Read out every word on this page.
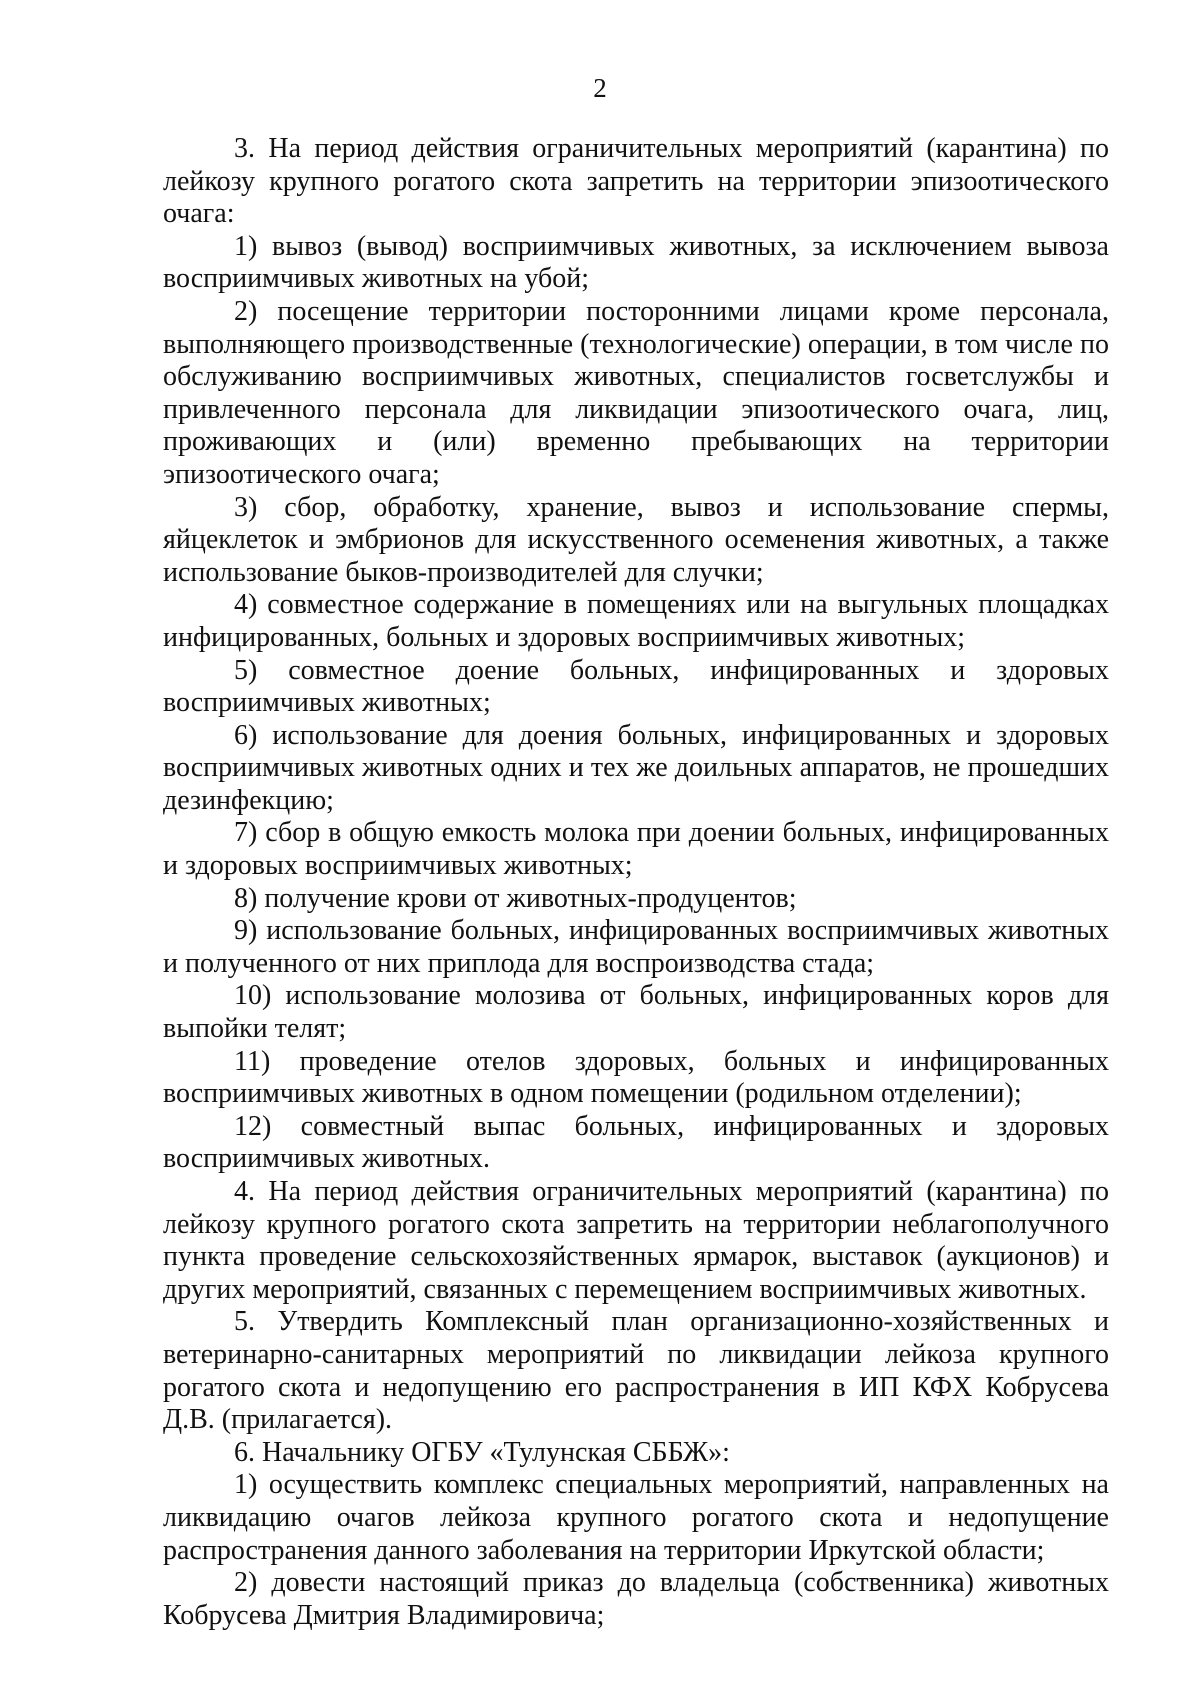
2

3. На период действия ограничительных мероприятий (карантина) по лейкозу крупного рогатого скота запретить на территории эпизоотического очага:

1) вывоз (вывод) восприимчивых животных, за исключением вывоза восприимчивых животных на убой;

2) посещение территории посторонними лицами кроме персонала, выполняющего производственные (технологические) операции, в том числе по обслуживанию восприимчивых животных, специалистов госветслужбы и привлеченного персонала для ликвидации эпизоотического очага, лиц, проживающих и (или) временно пребывающих на территории эпизоотического очага;

3) сбор, обработку, хранение, вывоз и использование спермы, яйцеклеток и эмбрионов для искусственного осеменения животных, а также использование быков-производителей для случки;

4) совместное содержание в помещениях или на выгульных площадках инфицированных, больных и здоровых восприимчивых животных;

5) совместное доение больных, инфицированных и здоровых восприимчивых животных;

6) использование для доения больных, инфицированных и здоровых восприимчивых животных одних и тех же доильных аппаратов, не прошедших дезинфекцию;

7) сбор в общую емкость молока при доении больных, инфицированных и здоровых восприимчивых животных;

8) получение крови от животных-продуцентов;

9) использование больных, инфицированных восприимчивых животных и полученного от них приплода для воспроизводства стада;

10) использование молозива от больных, инфицированных коров для выпойки телят;

11) проведение отелов здоровых, больных и инфицированных восприимчивых животных в одном помещении (родильном отделении);

12) совместный выпас больных, инфицированных и здоровых восприимчивых животных.

4. На период действия ограничительных мероприятий (карантина) по лейкозу крупного рогатого скота запретить на территории неблагополучного пункта проведение сельскохозяйственных ярмарок, выставок (аукционов) и других мероприятий, связанных с перемещением восприимчивых животных.

5. Утвердить Комплексный план организационно-хозяйственных и ветеринарно-санитарных мероприятий по ликвидации лейкоза крупного рогатого скота и недопущению его распространения в ИП КФХ Кобрусева Д.В. (прилагается).

6. Начальнику ОГБУ «Тулунская СББЖ»:

1) осуществить комплекс специальных мероприятий, направленных на ликвидацию очагов лейкоза крупного рогатого скота и недопущение распространения данного заболевания на территории Иркутской области;

2) довести настоящий приказ до владельца (собственника) животных Кобрусева Дмитрия Владимировича;
